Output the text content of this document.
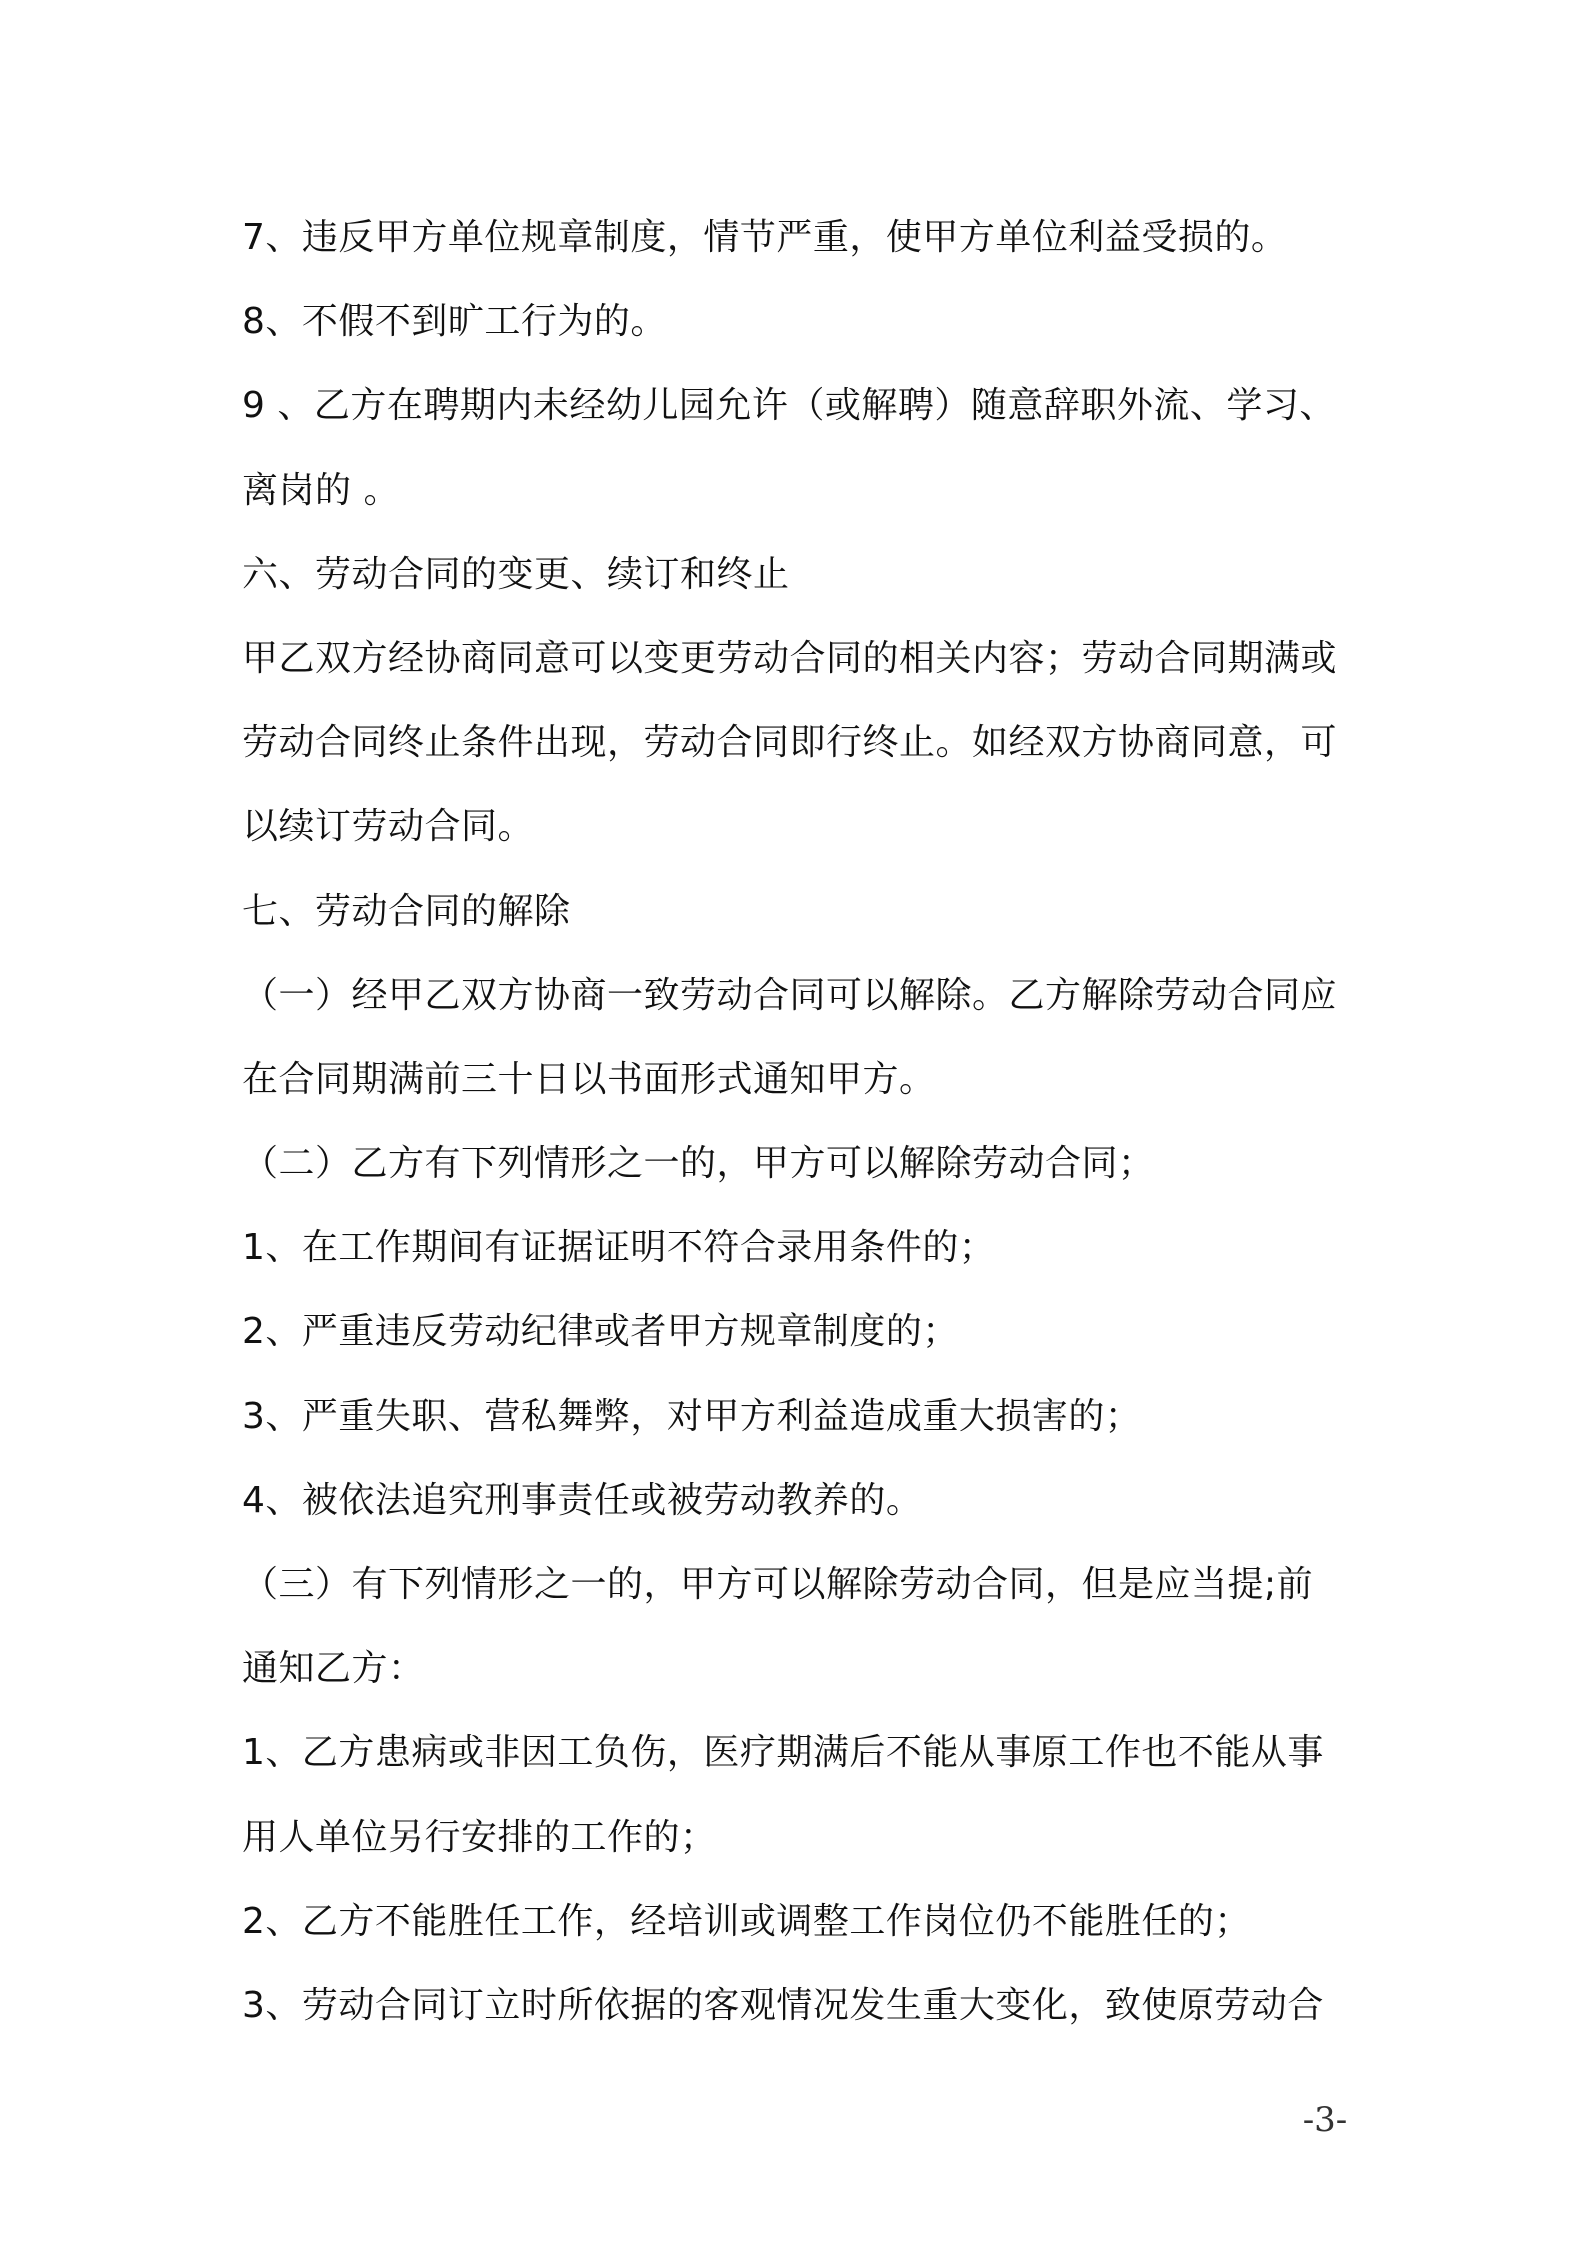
7、违反甲方单位规章制度，情节严重，使甲方单位利益受损的。
8、不假不到旷工行为的。
9 、乙方在聘期内未经幼儿园允许（或解聘）随意辞职外流、学习、
离岗的 。
六、劳动合同的变更、续订和终止
甲乙双方经协商同意可以变更劳动合同的相关内容；劳动合同期满或
劳动合同终止条件出现，劳动合同即行终止。如经双方协商同意，可
以续订劳动合同。
七、劳动合同的解除
（一）经甲乙双方协商一致劳动合同可以解除。乙方解除劳动合同应
在合同期满前三十日以书面形式通知甲方。
（二）乙方有下列情形之一的，甲方可以解除劳动合同；
1、在工作期间有证据证明不符合录用条件的；
2、严重违反劳动纪律或者甲方规章制度的；
3、严重失职、营私舞弊，对甲方利益造成重大损害的；
4、被依法追究刑事责任或被劳动教养的。
（三）有下列情形之一的，甲方可以解除劳动合同，但是应当提;前
通知乙方：
1、乙方患病或非因工负伤，医疗期满后不能从事原工作也不能从事
用人单位另行安排的工作的；
2、乙方不能胜任工作，经培训或调整工作岗位仍不能胜任的；
3、劳动合同订立时所依据的客观情况发生重大变化，致使原劳动合
-3-
